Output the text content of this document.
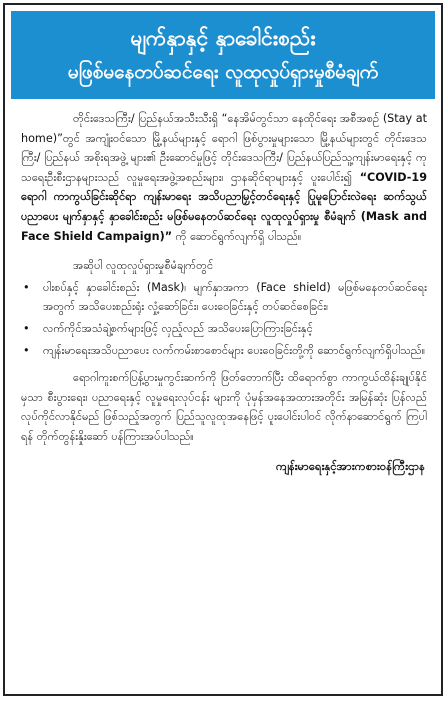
မျက်နှာနှင့် နှာခေါင်းစည်း
မဖြစ်မနေတပ်ဆင်ရေး လူထုလှုပ်ရှားမှုစီမံချက်

တိုင်းဒေသကြီး/ ပြည်နယ်အသီးသီးရှိ “နေအိမ်တွင်သာ နေထိုင်ရေး အစီအစဉ် (Stay at home)”တွင် အကျုံးဝင်သော မြို့နယ်များနှင့် ရောဂါ ဖြစ်ပွားမှုများသော မြို့နယ်များတွင် တိုင်းဒေသကြီး/ ပြည်နယ် အစိုးရအဖွဲ့ များ၏ ဦးဆောင်မှုဖြင့် တိုင်းဒေသကြီး/ ပြည်နယ်ပြည်သူ့ကျန်းမာရေးနှင့် ကုသရေးဦးစီးဌာနများသည် လူမှုရေးအဖွဲ့အစည်းများ၊ ဌာနဆိုင်ရာများနှင့် ပူးပေါင်း၍ “COVID-19 ရောဂါ ကာကွယ်ခြင်းဆိုင်ရာ ကျန်းမာရေး အသိပညာမြှင့်တင်ရေးနှင့် ပြုမူပြောင်းလဲရေး ဆက်သွယ်ပညာပေး မျက်နှာနှင့် နှာခေါင်းစည်း မဖြစ်မနေတပ်ဆင်ရေး လူထုလှုပ်ရှားမှု စီမံချက် (Mask and Face Shield Campaign)” ကို ဆောင်ရွက်လျက်ရှိ ပါသည်။

အဆိုပါ လူထုလှုပ်ရှားမှုစီမံချက်တွင်

• ပါးစပ်နှင့် နှာခေါင်းစည်း (Mask)၊ မျက်နှာအကာ (Face shield) မဖြစ်မနေတပ်ဆင်ရေးအတွက် အသိပေးစည်းရုံး လှုံ့ဆော်ခြင်း၊ ပေးဝေခြင်းနှင့် တပ်ဆင်စေခြင်း၊
• လက်ကိုင်အသံချဲ့စက်များဖြင့် လှည့်လည် အသိပေးပြောကြားခြင်းနှင့်
• ကျန်းမာရေးအသိပညာပေး လက်ကမ်းစာစောင်များ ပေးဝေခြင်းတို့ကို ဆောင်ရွက်လျက်ရှိပါသည်။

ရောဂါကူးစက်ပြန့်ပွားမှုကွင်းဆက်ကို ဖြတ်တောက်ပြီး ထိရောက်စွာ ကာကွယ်ထိန်းချုပ်နိုင်မှသာ စီးပွားရေး၊ ပညာရေးနှင့် လူမှုရေးလုပ်ငန်း များကို ပုံမှန်အနေအထားအတိုင်း အမြန်ဆုံး ပြန်လည်လုပ်ကိုင်လာနိုင်မည် ဖြစ်သည့်အတွက် ပြည်သူလူထုအနေဖြင့် ပူးပေါင်းပါဝင် လိုက်နာဆောင်ရွက် ကြပါရန် တိုက်တွန်းနှိုးဆော် ပန်ကြားအပ်ပါသည်။

ကျန်းမာရေးနှင့်အားကစားဝန်ကြီးဌာန
